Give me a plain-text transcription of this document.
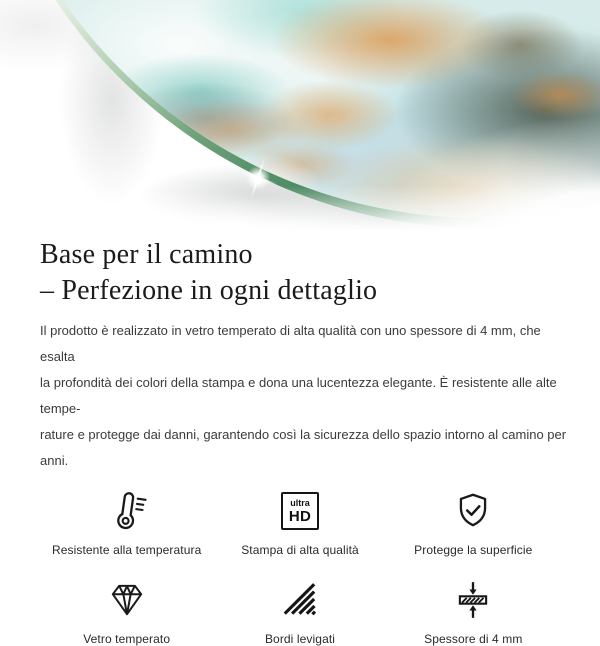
Base per il camino
– Perfezione in ogni dettaglio
Il prodotto è realizzato in vetro temperato di alta qualità con uno spessore di 4 mm, che esalta
la profondità dei colori della stampa e dona una lucentezza elegante. È resistente alle alte tempe-
rature e protegge dai danni, garantendo così la sicurezza dello spazio intorno al camino per anni.
Resistente alla temperatura
ultra
HD
Stampa di alta qualità	Protegge la superficie
Vetro temperato	Bordi levigati	Spessore di 4 mm
